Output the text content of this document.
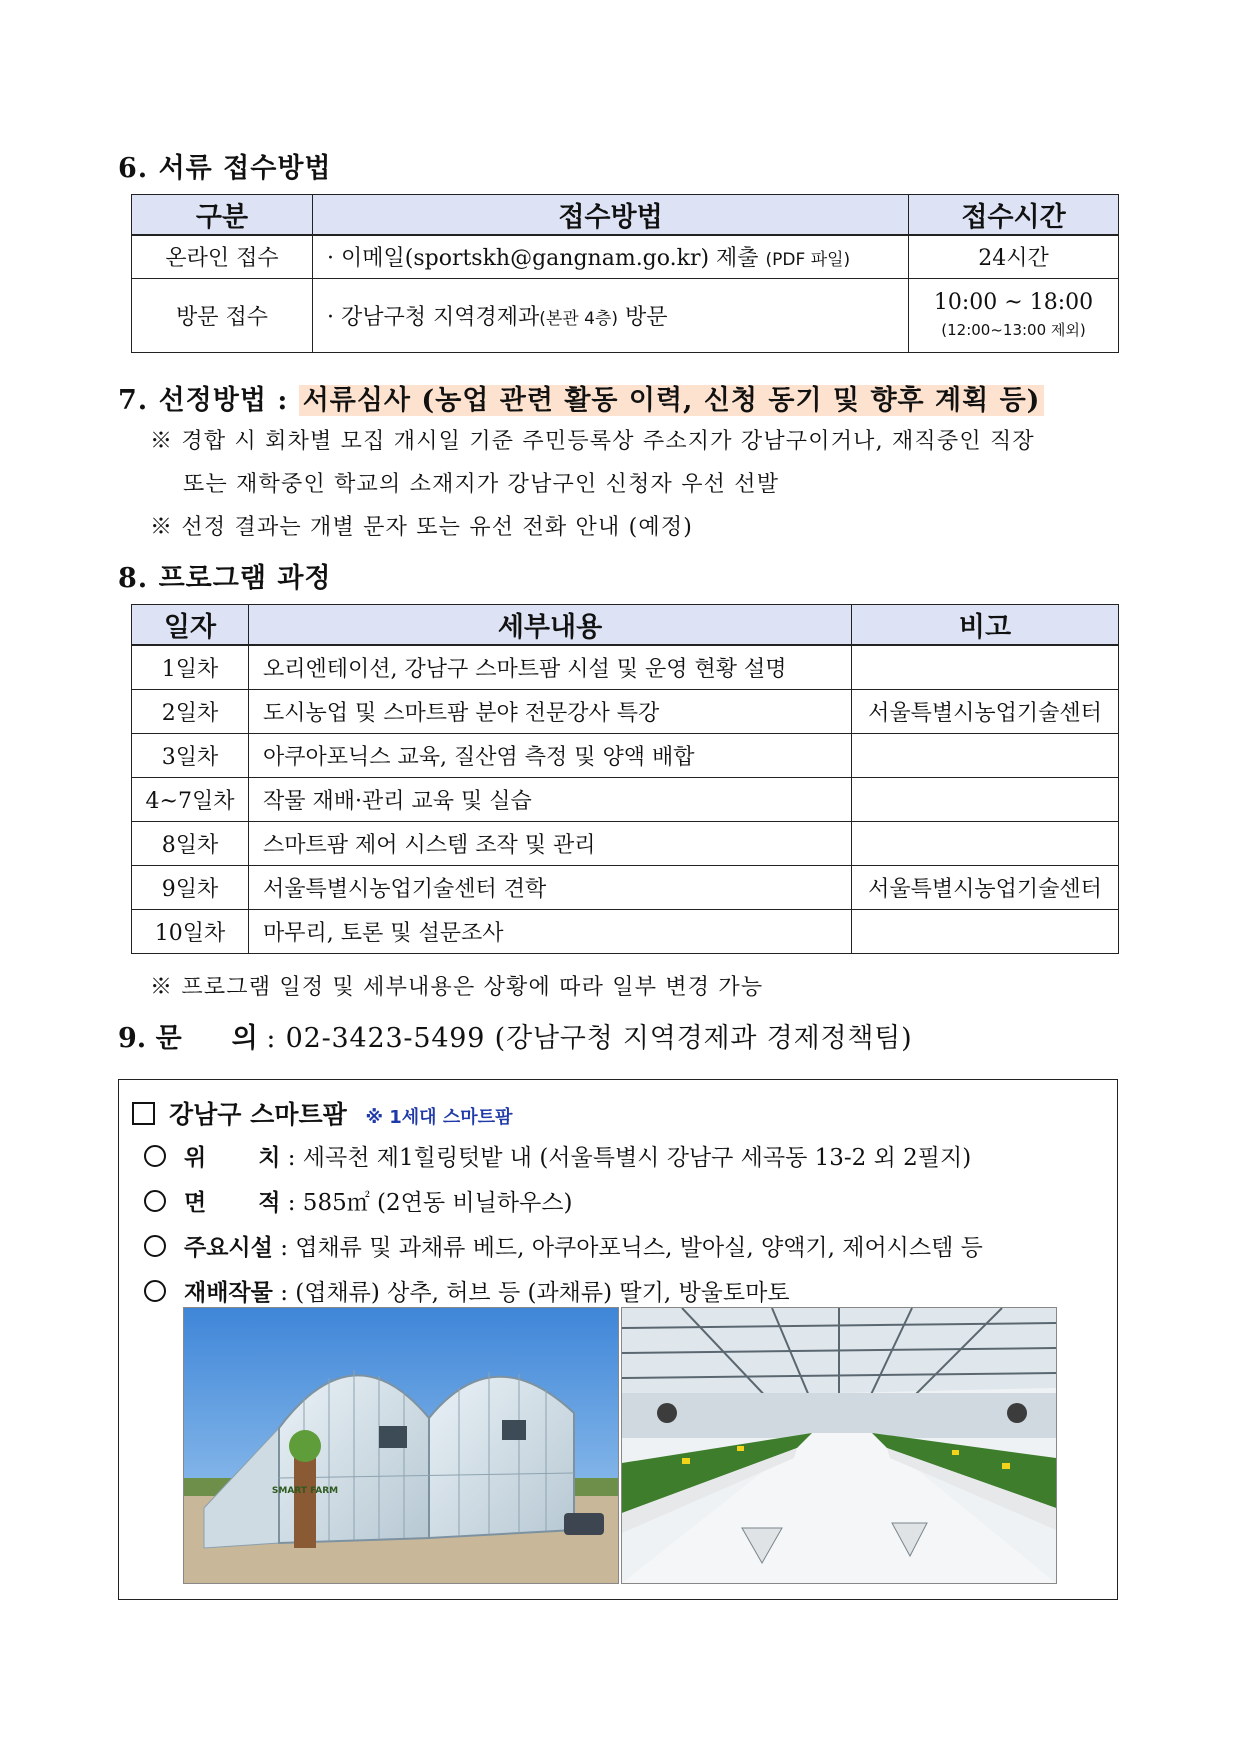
6. 서류 접수방법
구분	접수방법	접수시간
온라인 접수	· 이메일(sportskh@gangnam.go.kr) 제출 (PDF 파일)	24시간
방문 접수	· 강남구청 지역경제과(본관 4층) 방문	10:00 ~ 18:00
(12:00~13:00 제외)
7. 선정방법 : 서류심사 (농업 관련 활동 이력, 신청 동기 및 향후 계획 등)
※ 경합 시 회차별 모집 개시일 기준 주민등록상 주소지가 강남구이거나, 재직중인 직장
또는 재학중인 학교의 소재지가 강남구인 신청자 우선 선발
※ 선정 결과는 개별 문자 또는 유선 전화 안내 (예정)
8. 프로그램 과정
일자	세부내용	비고
1일차	오리엔테이션, 강남구 스마트팜 시설 및 운영 현황 설명	
2일차	도시농업 및 스마트팜 분야 전문강사 특강	서울특별시농업기술센터
3일차	아쿠아포닉스 교육, 질산염 측정 및 양액 배합	
4~7일차	작물 재배·관리 교육 및 실습	
8일차	스마트팜 제어 시스템 조작 및 관리	
9일차	서울특별시농업기술센터 견학	서울특별시농업기술센터
10일차	마무리, 토론 및 설문조사	
※ 프로그램 일정 및 세부내용은 상황에 따라 일부 변경 가능
9. 문 의 : 02-3423-5499 (강남구청 지역경제과 경제정책팀)
강남구 스마트팜 ※ 1세대 스마트팜
위 치 : 세곡천 제1힐링텃밭 내 (서울특별시 강남구 세곡동 13-2 외 2필지)
면 적 : 585㎡ (2연동 비닐하우스)
주요시설 : 엽채류 및 과채류 베드, 아쿠아포닉스, 발아실, 양액기, 제어시스템 등
재배작물 : (엽채류) 상추, 허브 등 (과채류) 딸기, 방울토마토
SMART FARM
